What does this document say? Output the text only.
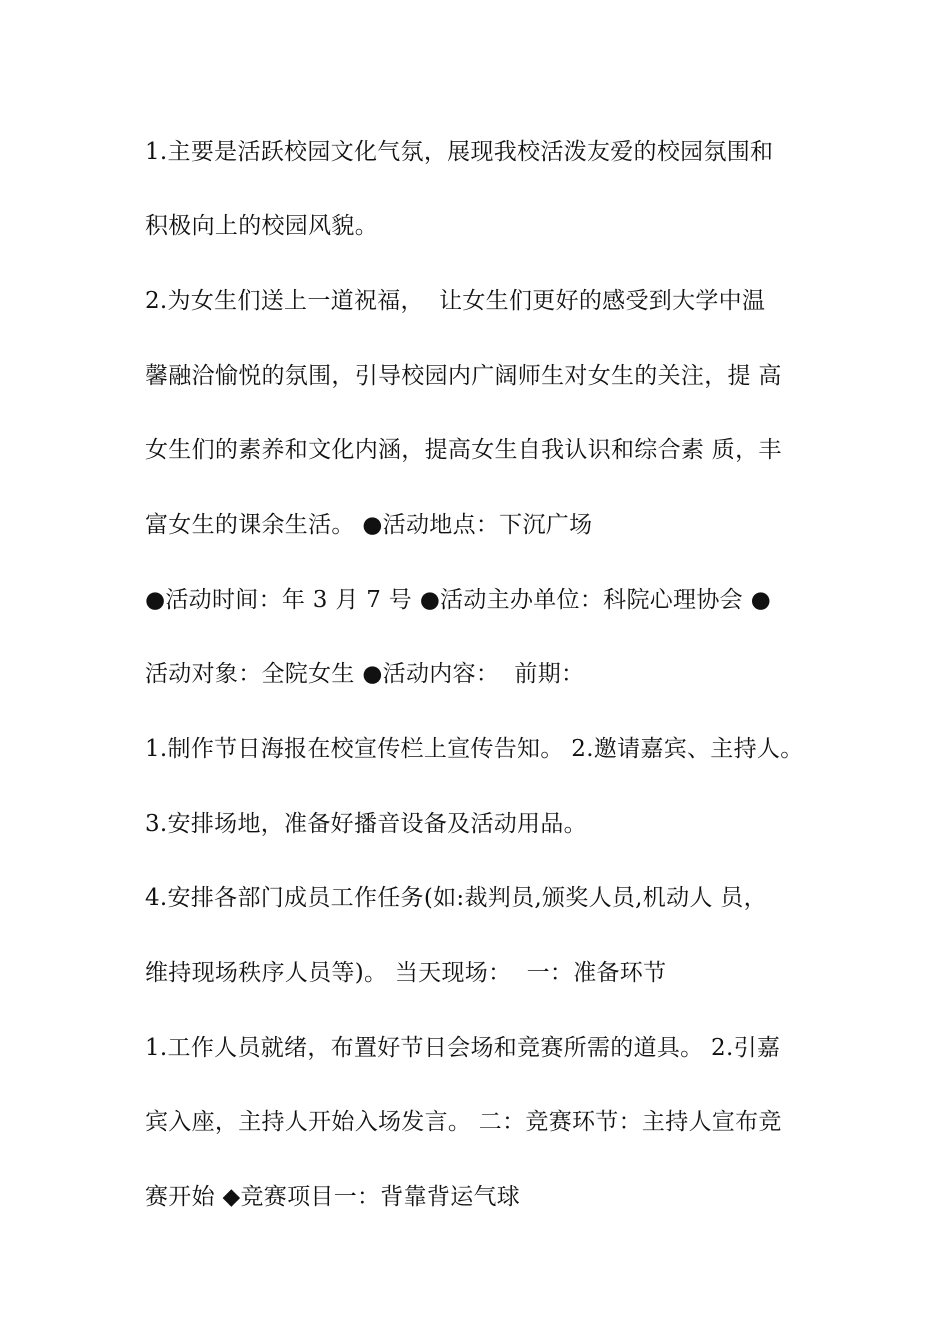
1.主要是活跃校园文化气氛，展现我校活泼友爱的校园氛围和
积极向上的校园风貌。
2.为女生们送上一道祝福，  让女生们更好的感受到大学中温
馨融洽愉悦的氛围，引导校园内广阔师生对女生的关注，提 高
女生们的素养和文化内涵，提高女生自我认识和综合素 质，丰
富女生的课余生活。 ●活动地点：下沉广场
●活动时间：年 3 月 7 号 ●活动主办单位：科院心理协会 ●
活动对象：全院女生 ●活动内容：  前期：
1.制作节日海报在校宣传栏上宣传告知。 2.邀请嘉宾、主持人。
3.安排场地，准备好播音设备及活动用品。
4.安排各部门成员工作任务(如:裁判员,颁奖人员,机动人 员，
维持现场秩序人员等)。 当天现场：  一：准备环节
1.工作人员就绪，布置好节日会场和竞赛所需的道具。 2.引嘉
宾入座，主持人开始入场发言。 二：竞赛环节：主持人宣布竞
赛开始 ◆竞赛项目一：背靠背运气球
